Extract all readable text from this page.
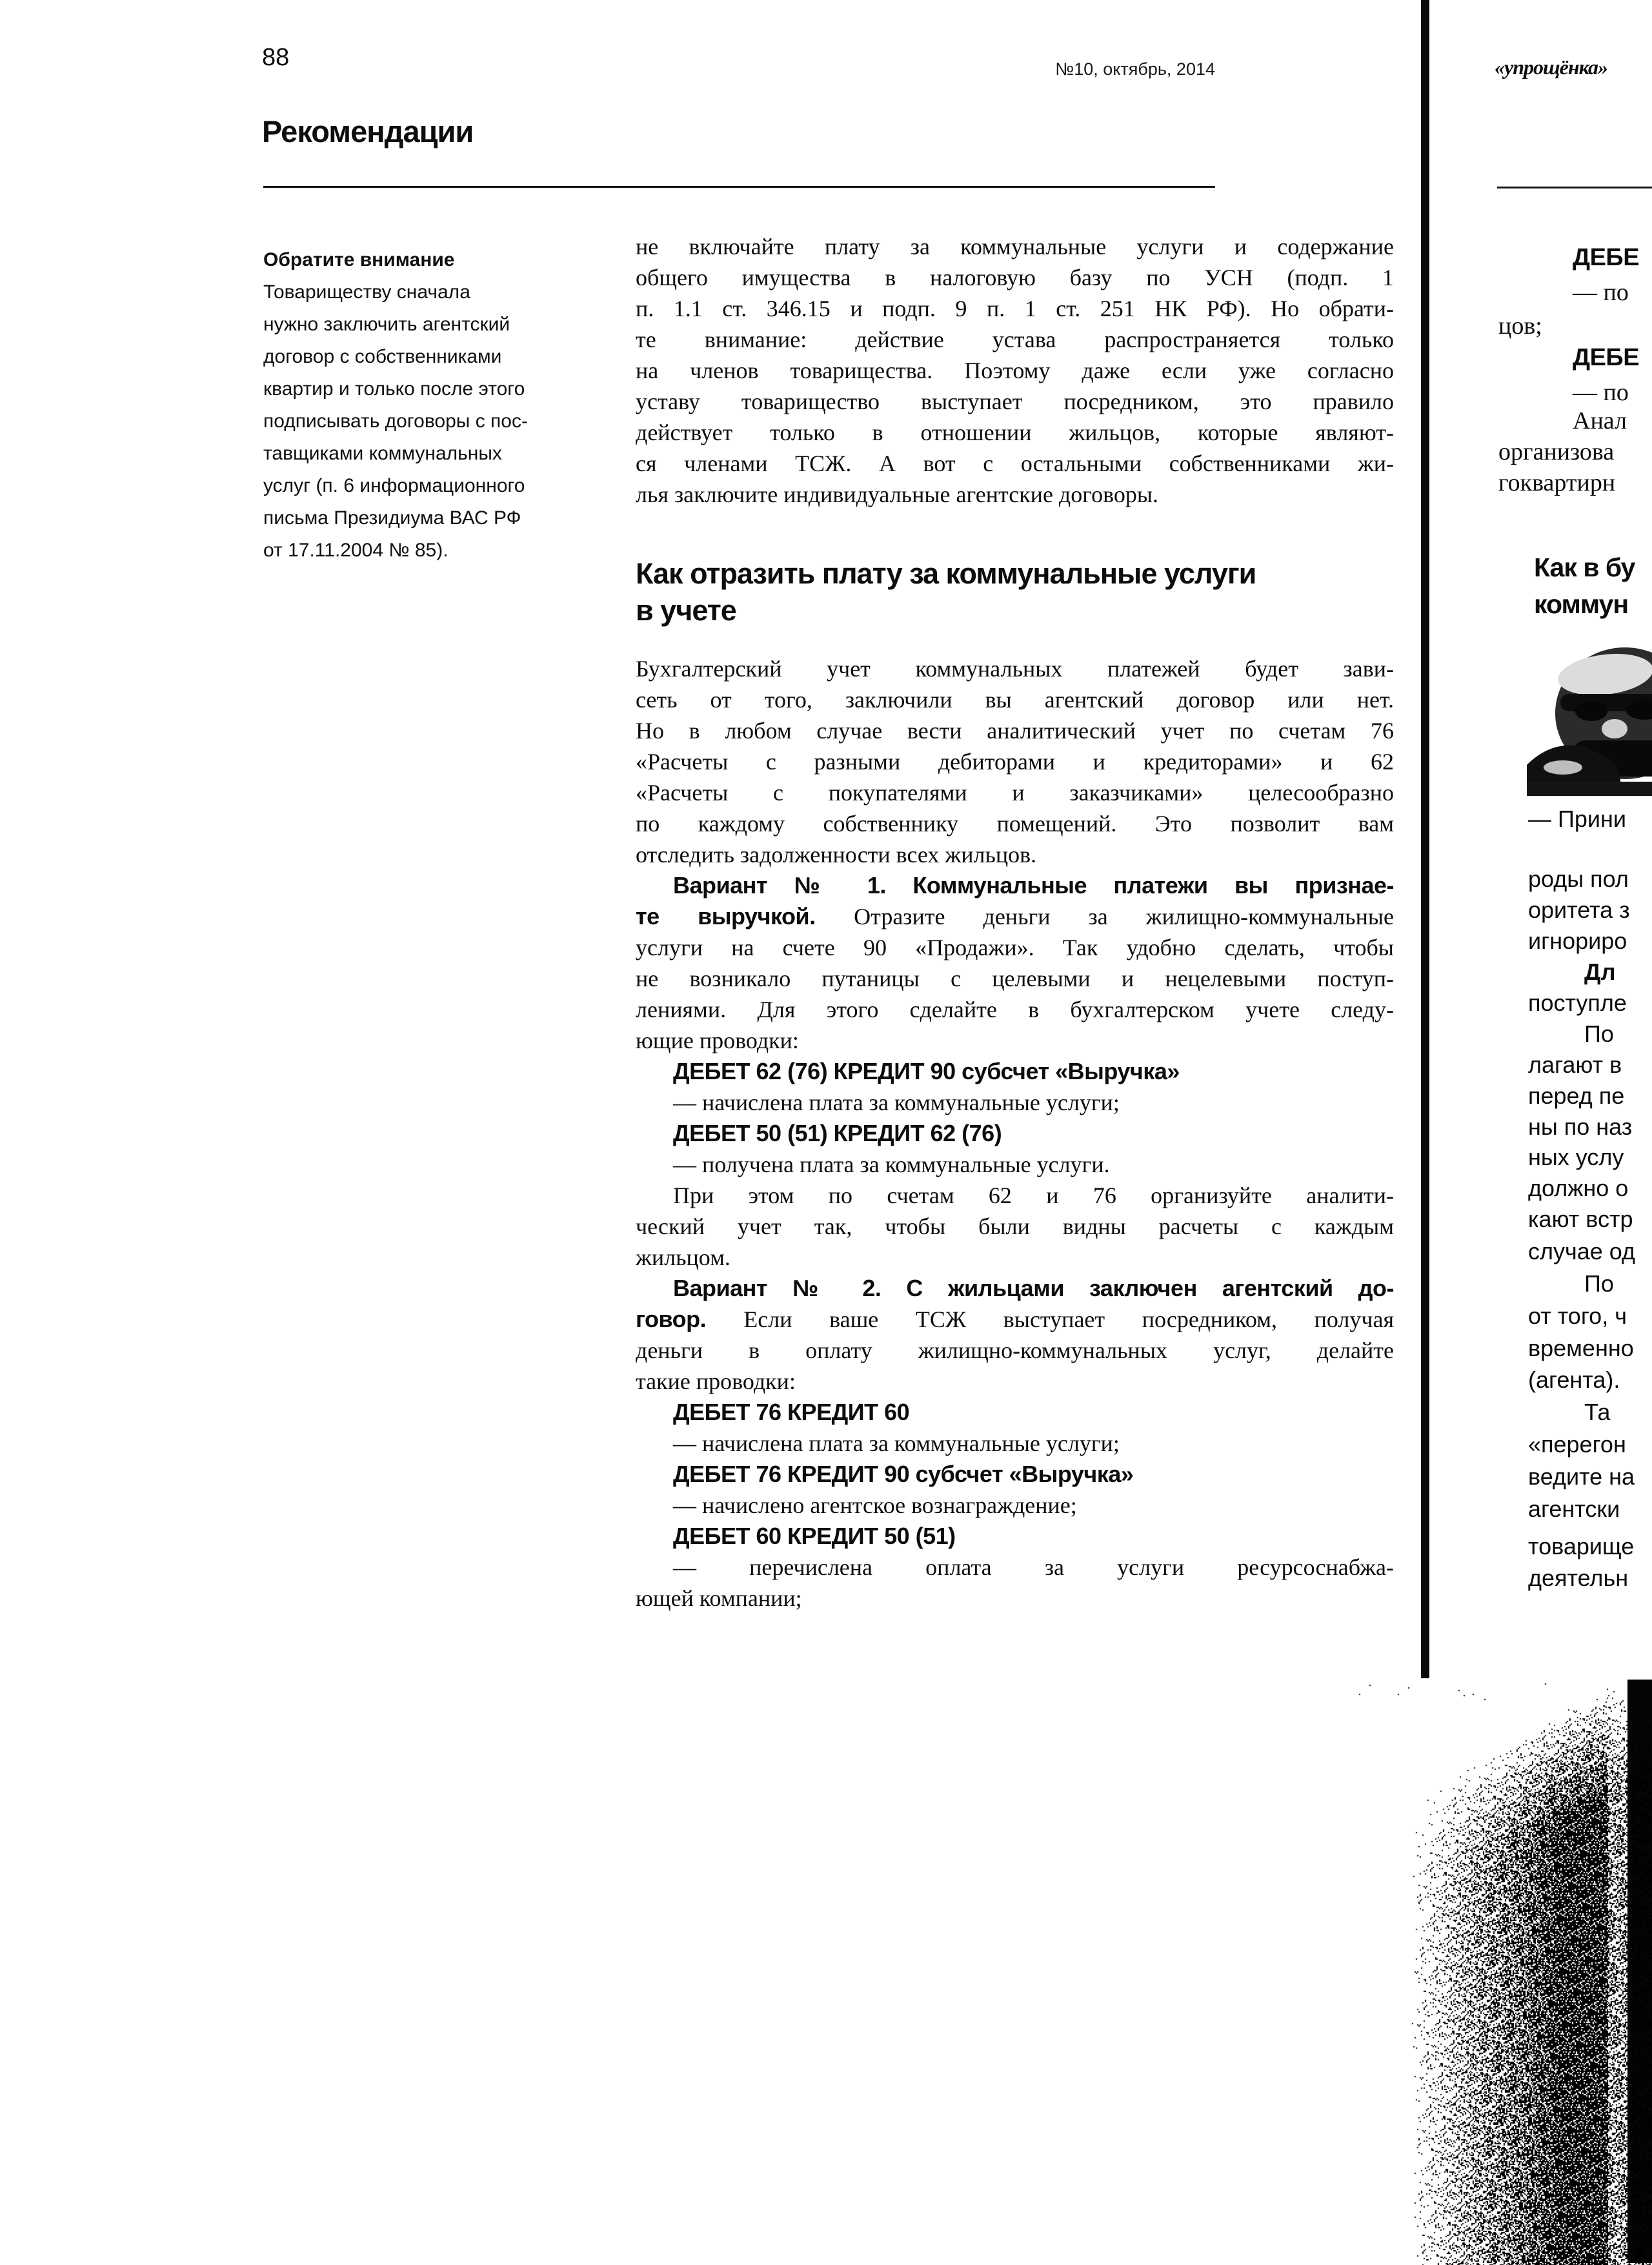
88	№10, октябрь, 2014	«упрощёнка»
Рекомендации
Обратите внимание
Товариществу сначала
нужно заключить агентский
договор с собственниками
квартир и только после этого
подписывать договоры с пос-
тавщиками коммунальных
услуг (п. 6 информационного
письма Президиума ВАС РФ
от 17.11.2004 № 85).
не включайте плату за коммунальные услуги и содержание
общего имущества в налоговую базу по УСН (подп. 1
п. 1.1 ст. 346.15 и подп. 9 п. 1 ст. 251 НК РФ). Но обрати-
те внимание: действие устава распространяется только
на членов товарищества. Поэтому даже если уже согласно
уставу товарищество выступает посредником, это правило
действует только в отношении жильцов, которые являют-
ся членами ТСЖ. А вот с остальными собственниками жи-
лья заключите индивидуальные агентские договоры.
Как отразить плату за коммунальные услуги
в учете
Бухгалтерский учет коммунальных платежей будет зави-
сеть от того, заключили вы агентский договор или нет.
Но в любом случае вести аналитический учет по счетам 76
«Расчеты с разными дебиторами и кредиторами» и 62
«Расчеты с покупателями и заказчиками» целесообразно
по каждому собственнику помещений. Это позволит вам
отследить задолженности всех жильцов.
Вариант № 1. Коммунальные платежи вы признае-
те выручкой. Отразите деньги за жилищно-коммунальные
услуги на счете 90 «Продажи». Так удобно сделать, чтобы
не возникало путаницы с целевыми и нецелевыми поступ-
лениями. Для этого сделайте в бухгалтерском учете следу-
ющие проводки:
ДЕБЕТ 62 (76) КРЕДИТ 90 субсчет «Выручка»
— начислена плата за коммунальные услуги;
ДЕБЕТ 50 (51) КРЕДИТ 62 (76)
— получена плата за коммунальные услуги.
При этом по счетам 62 и 76 организуйте аналити-
ческий учет так, чтобы были видны расчеты с каждым
жильцом.
Вариант № 2. С жильцами заключен агентский до-
говор. Если ваше ТСЖ выступает посредником, получая
деньги в оплату жилищно-коммунальных услуг, делайте
такие проводки:
ДЕБЕТ 76 КРЕДИТ 60
— начислена плата за коммунальные услуги;
ДЕБЕТ 76 КРЕДИТ 90 субсчет «Выручка»
— начислено агентское вознаграждение;
ДЕБЕТ 60 КРЕДИТ 50 (51)
— перечислена оплата за услуги ресурсоснабжа-
ющей компании;
ДЕБЕ
— по
цов;
ДЕБЕ
— по
Анал
организова
гоквартирн
Как в бу
коммун
— Прини
роды пол
оритета з
игнориро
Дл
поступле
По
лагают в
перед пе
ны по наз
ных услу
должно о
кают встр
случае од
По
от того, ч
временно
(агента).
Та
«перегон
ведите на
агентски
товарище
деятельн
